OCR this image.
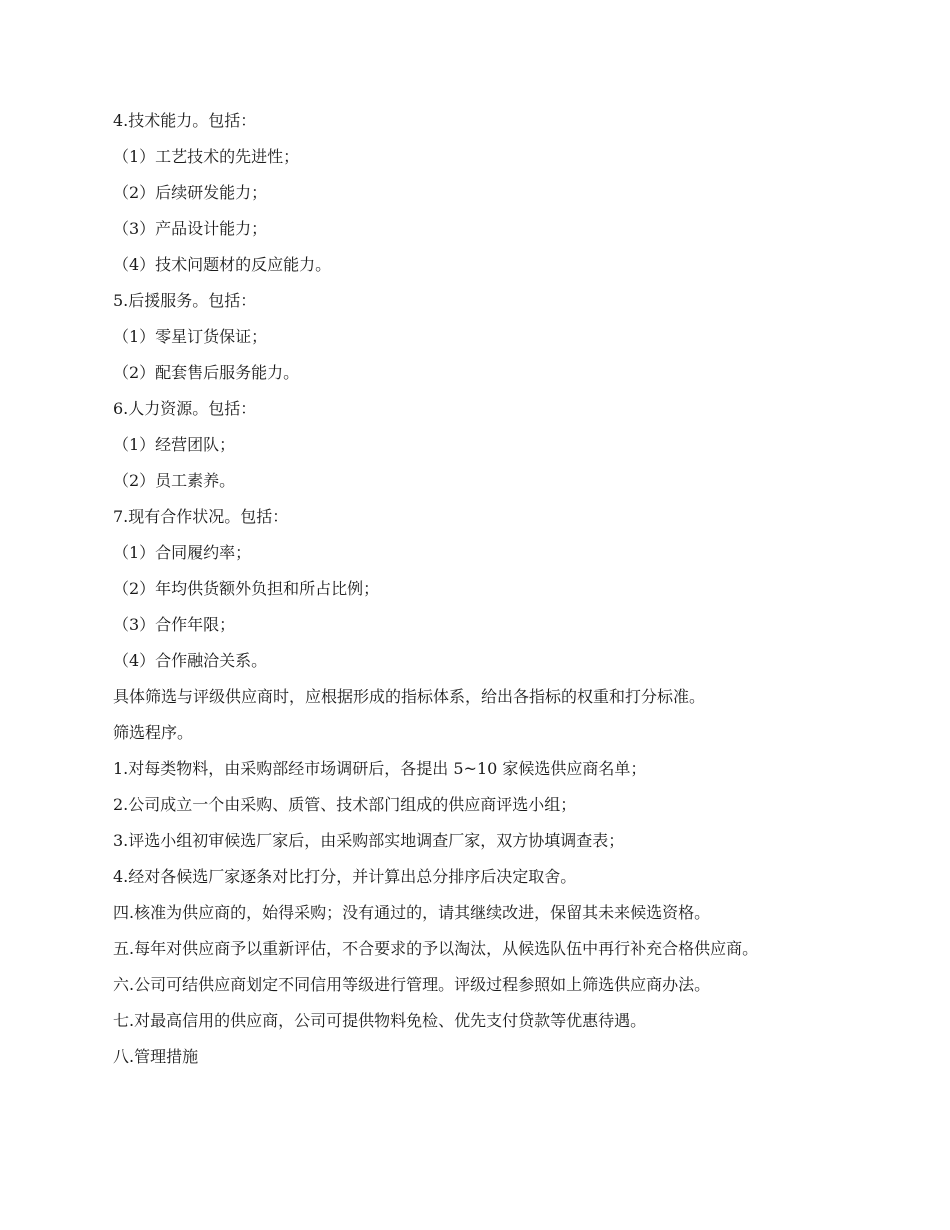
4.技术能力。包括：

（1）工艺技术的先进性；

（2）后续研发能力；

（3）产品设计能力；

（4）技术问题材的反应能力。

5.后援服务。包括：

（1）零星订货保证；

（2）配套售后服务能力。

6.人力资源。包括：

（1）经营团队；

（2）员工素养。

7.现有合作状况。包括：

（1）合同履约率；

（2）年均供货额外负担和所占比例；

（3）合作年限；

（4）合作融洽关系。

具体筛选与评级供应商时，应根据形成的指标体系，给出各指标的权重和打分标准。

筛选程序。

1.对每类物料，由采购部经市场调研后，各提出 5~10 家候选供应商名单；

2.公司成立一个由采购、质管、技术部门组成的供应商评选小组；

3.评选小组初审候选厂家后，由采购部实地调查厂家，双方协填调查表；

4.经对各候选厂家逐条对比打分，并计算出总分排序后决定取舍。

四.核准为供应商的，始得采购；没有通过的，请其继续改进，保留其未来候选资格。

五.每年对供应商予以重新评估，不合要求的予以淘汰，从候选队伍中再行补充合格供应商。

六.公司可结供应商划定不同信用等级进行管理。评级过程参照如上筛选供应商办法。

七.对最高信用的供应商，公司可提供物料免检、优先支付贷款等优惠待遇。

八.管理措施
